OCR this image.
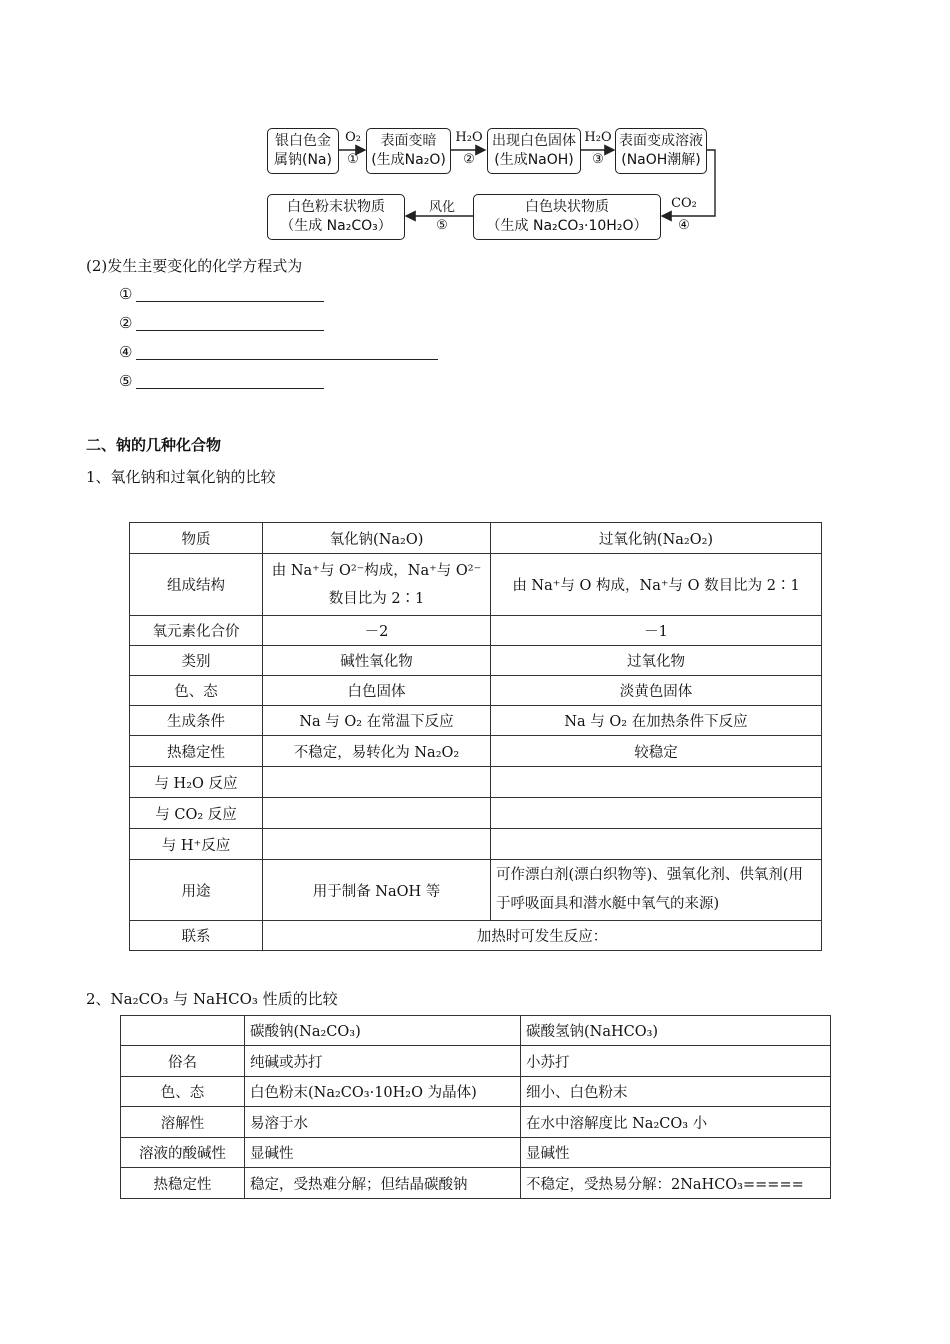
银白色金
属钠(Na)
表面变暗
(生成Na₂O)
出现白色固体
(生成NaOH)
表面变成溶液
(NaOH潮解)
白色块状物质
（生成 Na₂CO₃·10H₂O）
白色粉末状物质
（生成 Na₂CO₃）
O₂
①
H₂O
②
H₂O
③
CO₂
④
风化
⑤
(2)发生主要变化的化学方程式为
①
②
④
⑤
二、钠的几种化合物
1、氧化钠和过氧化钠的比较
物质	氧化钠(Na₂O)	过氧化钠(Na₂O₂)
组成结构	由 Na⁺与 O²⁻构成，Na⁺与 O²⁻数目比为 2∶1	由 Na⁺与 O 构成，Na⁺与 O 数目比为 2∶1
氧元素化合价	－2	－1
类别	碱性氧化物	过氧化物
色、态	白色固体	淡黄色固体
生成条件	Na 与 O₂ 在常温下反应	Na 与 O₂ 在加热条件下反应
热稳定性	不稳定，易转化为 Na₂O₂	较稳定
与 H₂O 反应		
与 CO₂ 反应		
与 H⁺反应		
用途	用于制备 NaOH 等	可作漂白剂(漂白织物等)、强氧化剂、供氧剂(用于呼吸面具和潜水艇中氧气的来源)
联系	加热时可发生反应：	
2、Na₂CO₃ 与 NaHCO₃ 性质的比较
	碳酸钠(Na₂CO₃)	碳酸氢钠(NaHCO₃)
俗名	纯碱或苏打	小苏打
色、态	白色粉末(Na₂CO₃·10H₂O 为晶体)	细小、白色粉末
溶解性	易溶于水	在水中溶解度比 Na₂CO₃ 小
溶液的酸碱性	显碱性	显碱性
热稳定性	稳定，受热难分解；但结晶碳酸钠	不稳定，受热易分解：2NaHCO₃=====
